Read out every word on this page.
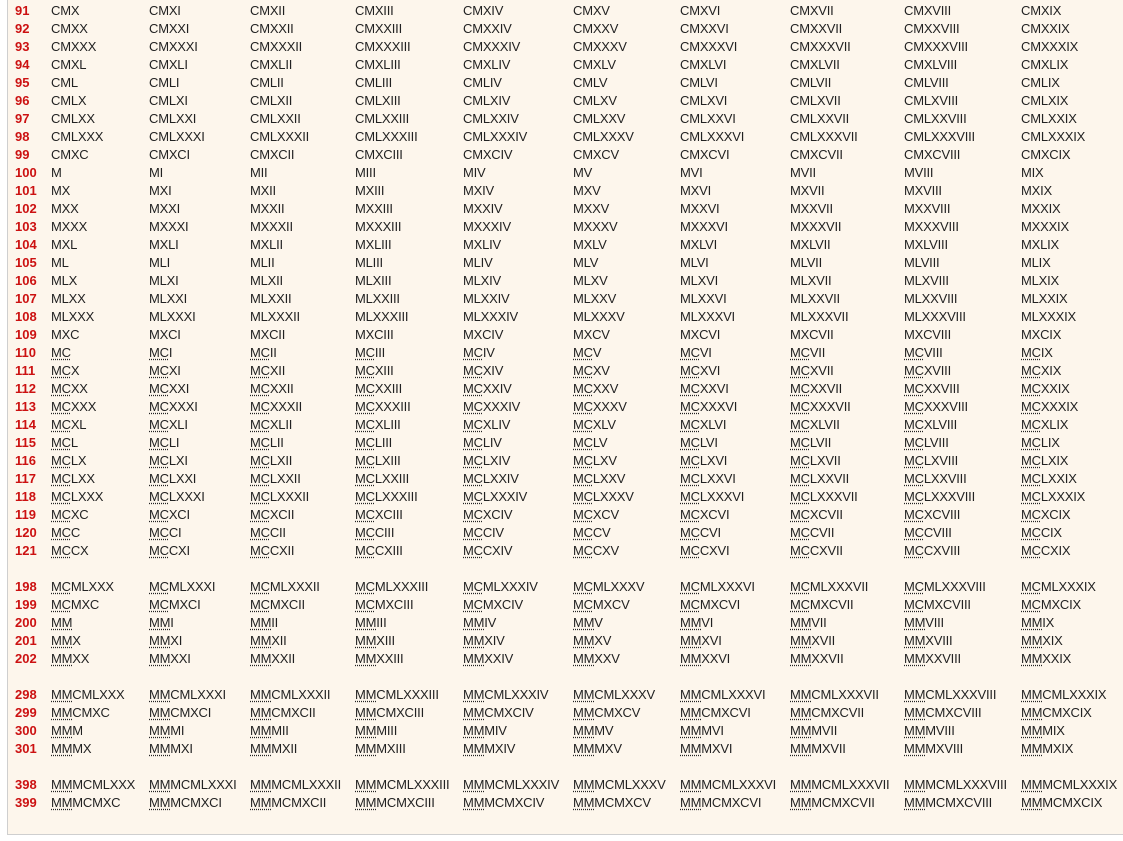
91 CMX	CMXI	CMXII	CMXIII	CMXIV	CMXV	CMXVI	CMXVII	CMXVIII	CMXIX
92 CMXX	CMXXI	CMXXII	CMXXIII	CMXXIV	CMXXV	CMXXVI	CMXXVII	CMXXVIII	CMXXIX
93 CMXXX	CMXXXI	CMXXXII	CMXXXIII	CMXXXIV	CMXXXV	CMXXXVI	CMXXXVII	CMXXXVIII	CMXXXIX
94 CMXL	CMXLI	CMXLII	CMXLIII	CMXLIV	CMXLV	CMXLVI	CMXLVII	CMXLVIII	CMXLIX
95 CML	CMLI	CMLII	CMLIII	CMLIV	CMLV	CMLVI	CMLVII	CMLVIII	CMLIX
96 CMLX	CMLXI	CMLXII	CMLXIII	CMLXIV	CMLXV	CMLXVI	CMLXVII	CMLXVIII	CMLXIX
97 CMLXX	CMLXXI	CMLXXII	CMLXXIII	CMLXXIV	CMLXXV	CMLXXVI	CMLXXVII	CMLXXVIII	CMLXXIX
98 CMLXXX	CMLXXXI	CMLXXXII	CMLXXXIII	CMLXXXIV	CMLXXXV	CMLXXXVI	CMLXXXVII	CMLXXXVIII	CMLXXXIX
99 CMXC	CMXCI	CMXCII	CMXCIII	CMXCIV	CMXCV	CMXCVI	CMXCVII	CMXCVIII	CMXCIX
100 M	MI	MII	MIII	MIV	MV	MVI	MVII	MVIII	MIX
101 MX	MXI	MXII	MXIII	MXIV	MXV	MXVI	MXVII	MXVIII	MXIX
102 MXX	MXXI	MXXII	MXXIII	MXXIV	MXXV	MXXVI	MXXVII	MXXVIII	MXXIX
103 MXXX	MXXXI	MXXXII	MXXXIII	MXXXIV	MXXXV	MXXXVI	MXXXVII	MXXXVIII	MXXXIX
104 MXL	MXLI	MXLII	MXLIII	MXLIV	MXLV	MXLVI	MXLVII	MXLVIII	MXLIX
105 ML	MLI	MLII	MLIII	MLIV	MLV	MLVI	MLVII	MLVIII	MLIX
106 MLX	MLXI	MLXII	MLXIII	MLXIV	MLXV	MLXVI	MLXVII	MLXVIII	MLXIX
107 MLXX	MLXXI	MLXXII	MLXXIII	MLXXIV	MLXXV	MLXXVI	MLXXVII	MLXXVIII	MLXXIX
108 MLXXX	MLXXXI	MLXXXII	MLXXXIII	MLXXXIV	MLXXXV	MLXXXVI	MLXXXVII	MLXXXVIII	MLXXXIX
109 MXC	MXCI	MXCII	MXCIII	MXCIV	MXCV	MXCVI	MXCVII	MXCVIII	MXCIX
110 MC	MCI	MCII	MCIII	MCIV	MCV	MCVI	MCVII	MCVIII	MCIX
111 MCX	MCXI	MCXII	MCXIII	MCXIV	MCXV	MCXVI	MCXVII	MCXVIII	MCXIX
112 MCXX	MCXXI	MCXXII	MCXXIII	MCXXIV	MCXXV	MCXXVI	MCXXVII	MCXXVIII	MCXXIX
113 MCXXX	MCXXXI	MCXXXII	MCXXXIII	MCXXXIV	MCXXXV	MCXXXVI	MCXXXVII	MCXXXVIII	MCXXXIX
114 MCXL	MCXLI	MCXLII	MCXLIII	MCXLIV	MCXLV	MCXLVI	MCXLVII	MCXLVIII	MCXLIX
115 MCL	MCLI	MCLII	MCLIII	MCLIV	MCLV	MCLVI	MCLVII	MCLVIII	MCLIX
116 MCLX	MCLXI	MCLXII	MCLXIII	MCLXIV	MCLXV	MCLXVI	MCLXVII	MCLXVIII	MCLXIX
117 MCLXX	MCLXXI	MCLXXII	MCLXXIII	MCLXXIV	MCLXXV	MCLXXVI	MCLXXVII	MCLXXVIII	MCLXXIX
118 MCLXXX	MCLXXXI	MCLXXXII	MCLXXXIII	MCLXXXIV	MCLXXXV	MCLXXXVI	MCLXXXVII	MCLXXXVIII	MCLXXXIX
119 MCXC	MCXCI	MCXCII	MCXCIII	MCXCIV	MCXCV	MCXCVI	MCXCVII	MCXCVIII	MCXCIX
120 MCC	MCCI	MCCII	MCCIII	MCCIV	MCCV	MCCVI	MCCVII	MCCVIII	MCCIX
121 MCCX	MCCXI	MCCXII	MCCXIII	MCCXIV	MCCXV	MCCXVI	MCCXVII	MCCXVIII	MCCXIX
198 MCMLXXX	MCMLXXXI	MCMLXXXII	MCMLXXXIII	MCMLXXXIV	MCMLXXXV	MCMLXXXVI	MCMLXXXVII	MCMLXXXVIII	MCMLXXXIX
199 MCMXC	MCMXCI	MCMXCII	MCMXCIII	MCMXCIV	MCMXCV	MCMXCVI	MCMXCVII	MCMXCVIII	MCMXCIX
200 MM	MMI	MMII	MMIII	MMIV	MMV	MMVI	MMVII	MMVIII	MMIX
201 MMX	MMXI	MMXII	MMXIII	MMXIV	MMXV	MMXVI	MMXVII	MMXVIII	MMXIX
202 MMXX	MMXXI	MMXXII	MMXXIII	MMXXIV	MMXXV	MMXXVI	MMXXVII	MMXXVIII	MMXXIX
298 MMCMLXXX MMCMLXXXI MMCMLXXXII MMCMLXXXIII MMCMLXXXIV MMCMLXXXV MMCMLXXXVI MMCMLXXXVII MMCMLXXXVIII MMCMLXXXIX
299 MMCMXC	MMCMXCI	MMCMXCII	MMCMXCIII	MMCMXCIV	MMCMXCV	MMCMXCVI	MMCMXCVII	MMCMXCVIII	MMCMXCIX
300 MMM	MMMI	MMMII	MMMIII	MMMIV	MMMV	MMMVI	MMMVII	MMMVIII	MMMIX
301 MMMX	MMMXI	MMMXII	MMMXIII	MMMXIV	MMMXV	MMMXVI	MMMXVII	MMMXVIII	MMMXIX
398 MMMCMLXXX MMMCMLXXXI MMMCMLXXXII MMMCMLXXXIII MMMCMLXXXIV MMMCMLXXXV MMMCMLXXXVI MMMCMLXXXVII MMMCMLXXXVIII MMMCMLXXXIX
399 MMMCMXC MMMCMXCI MMMCMXCII MMMCMXCIII MMMCMXCIV MMMCMXCV MMMCMXCVI MMMCMXCVII MMMCMXCVIII MMMCMXCIX
